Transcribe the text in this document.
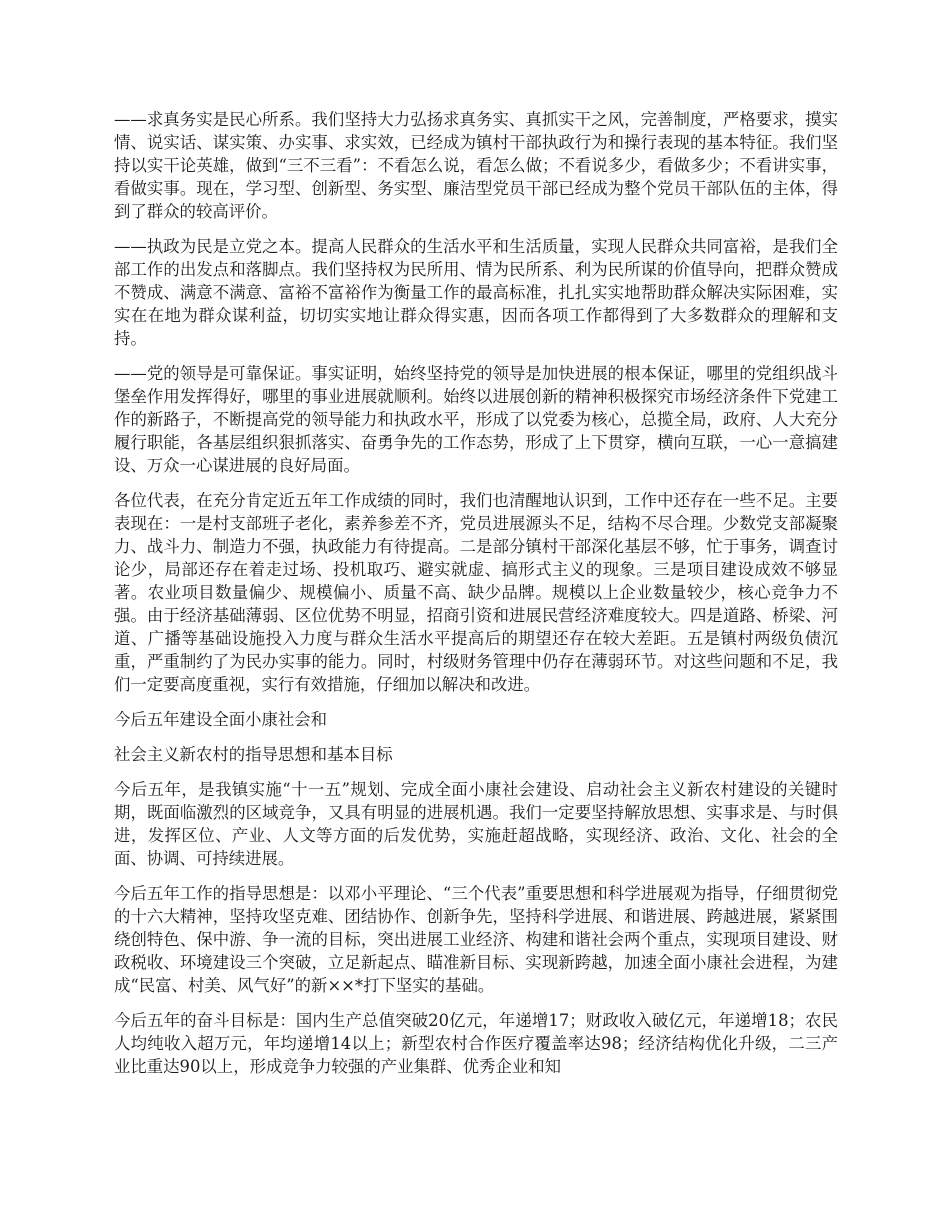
——求真务实是民心所系。我们坚持大力弘扬求真务实、真抓实干之风，完善制度，严格要求，摸实情、说实话、谋实策、办实事、求实效，已经成为镇村干部执政行为和操行表现的基本特征。我们坚持以实干论英雄，做到“三不三看”：不看怎么说，看怎么做；不看说多少，看做多少；不看讲实事，看做实事。现在，学习型、创新型、务实型、廉洁型党员干部已经成为整个党员干部队伍的主体，得到了群众的较高评价。

——执政为民是立党之本。提高人民群众的生活水平和生活质量，实现人民群众共同富裕，是我们全部工作的出发点和落脚点。我们坚持权为民所用、情为民所系、利为民所谋的价值导向，把群众赞成不赞成、满意不满意、富裕不富裕作为衡量工作的最高标准，扎扎实实地帮助群众解决实际困难，实实在在地为群众谋利益，切切实实地让群众得实惠，因而各项工作都得到了大多数群众的理解和支持。

——党的领导是可靠保证。事实证明，始终坚持党的领导是加快进展的根本保证，哪里的党组织战斗堡垒作用发挥得好，哪里的事业进展就顺利。始终以进展创新的精神积极探究市场经济条件下党建工作的新路子，不断提高党的领导能力和执政水平，形成了以党委为核心，总揽全局，政府、人大充分履行职能，各基层组织狠抓落实、奋勇争先的工作态势，形成了上下贯穿，横向互联，一心一意搞建设、万众一心谋进展的良好局面。

各位代表，在充分肯定近五年工作成绩的同时，我们也清醒地认识到，工作中还存在一些不足。主要表现在：一是村支部班子老化，素养参差不齐，党员进展源头不足，结构不尽合理。少数党支部凝聚力、战斗力、制造力不强，执政能力有待提高。二是部分镇村干部深化基层不够，忙于事务，调查讨论少，局部还存在着走过场、投机取巧、避实就虚、搞形式主义的现象。三是项目建设成效不够显著。农业项目数量偏少、规模偏小、质量不高、缺少品牌。规模以上企业数量较少，核心竞争力不强。由于经济基础薄弱、区位优势不明显，招商引资和进展民营经济难度较大。四是道路、桥梁、河道、广播等基础设施投入力度与群众生活水平提高后的期望还存在较大差距。五是镇村两级负债沉重，严重制约了为民办实事的能力。同时，村级财务管理中仍存在薄弱环节。对这些问题和不足，我们一定要高度重视，实行有效措施，仔细加以解决和改进。

今后五年建设全面小康社会和

社会主义新农村的指导思想和基本目标

今后五年，是我镇实施“十一五”规划、完成全面小康社会建设、启动社会主义新农村建设的关键时期，既面临激烈的区域竞争，又具有明显的进展机遇。我们一定要坚持解放思想、实事求是、与时俱进，发挥区位、产业、人文等方面的后发优势，实施赶超战略，实现经济、政治、文化、社会的全面、协调、可持续进展。

今后五年工作的指导思想是：以邓小平理论、“三个代表”重要思想和科学进展观为指导，仔细贯彻党的十六大精神，坚持攻坚克难、团结协作、创新争先，坚持科学进展、和谐进展、跨越进展，紧紧围绕创特色、保中游、争一流的目标，突出进展工业经济、构建和谐社会两个重点，实现项目建设、财政税收、环境建设三个突破，立足新起点、瞄准新目标、实现新跨越，加速全面小康社会进程，为建成“民富、村美、风气好”的新××*打下坚实的基础。

今后五年的奋斗目标是：国内生产总值突破20亿元，年递增17；财政收入破亿元，年递增18；农民人均纯收入超万元，年均递增14以上；新型农村合作医疗覆盖率达98；经济结构优化升级，二三产业比重达90以上，形成竞争力较强的产业集群、优秀企业和知
